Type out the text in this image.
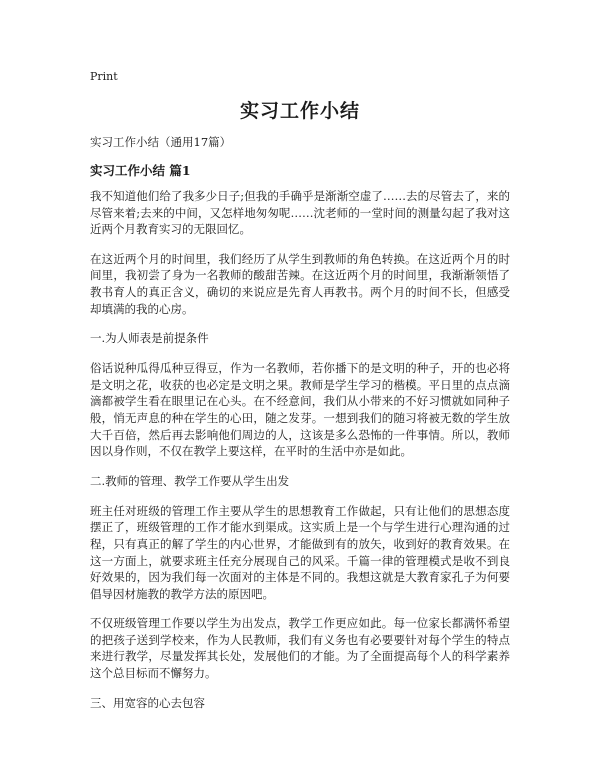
Print
实习工作小结
实习工作小结（通用17篇）
实习工作小结 篇1

我不知道他们给了我多少日子;但我的手确乎是渐渐空虚了……去的尽管去了，来的尽管来着;去来的中间，又怎样地匆匆呢……沈老师的一堂时间的测量勾起了我对这近两个月教育实习的无限回忆。

在这近两个月的时间里，我们经历了从学生到教师的角色转换。在这近两个月的时间里，我初尝了身为一名教师的酸甜苦辣。在这近两个月的时间里，我渐渐领悟了教书育人的真正含义，确切的来说应是先育人再教书。两个月的时间不长，但感受却填满的我的心房。

一.为人师表是前提条件

俗话说种瓜得瓜种豆得豆，作为一名教师，若你播下的是文明的种子，开的也必将是文明之花，收获的也必定是文明之果。教师是学生学习的楷模。平日里的点点滴滴都被学生看在眼里记在心头。在不经意间，我们从小带来的不好习惯就如同种子般，悄无声息的种在学生的心田，随之发芽。一想到我们的随习将被无数的学生放大千百倍，然后再去影响他们周边的人，这该是多么恐怖的一件事情。所以，教师因以身作则，不仅在教学上要这样，在平时的生活中亦是如此。

二.教师的管理、教学工作要从学生出发

班主任对班级的管理工作主要从学生的思想教育工作做起，只有让他们的思想态度摆正了，班级管理的工作才能水到渠成。这实质上是一个与学生进行心理沟通的过程，只有真正的解了学生的内心世界，才能做到有的放矢，收到好的教育效果。在这一方面上，就要求班主任充分展现自己的风采。千篇一律的管理模式是收不到良好效果的，因为我们每一次面对的主体是不同的。我想这就是大教育家孔子为何要倡导因材施教的教学方法的原因吧。

不仅班级管理工作要以学生为出发点，教学工作更应如此。每一位家长都满怀希望的把孩子送到学校来，作为人民教师，我们有义务也有必要要针对每个学生的特点来进行教学，尽量发挥其长处，发展他们的才能。为了全面提高每个人的科学素养这个总目标而不懈努力。

三、用宽容的心去包容
